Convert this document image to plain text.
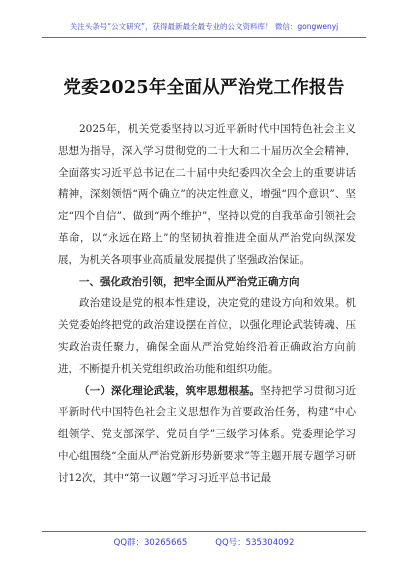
关注头条号“公文研究”，获得最新最全最专业的公文资料库！ 微信：gongwenyj
党委2025年全面从严治党工作报告

2025年，机关党委坚持以习近平新时代中国特色社会主义思想为指导，深入学习贯彻党的二十大和二十届历次全会精神，全面落实习近平总书记在二十届中央纪委四次全会上的重要讲话精神，深刻领悟“两个确立”的决定性意义，增强“四个意识”、坚定“四个自信”、做到“两个维护”，坚持以党的自我革命引领社会革命，以“永远在路上”的坚韧执着推进全面从严治党向纵深发展，为机关各项事业高质量发展提供了坚强政治保证。

一、强化政治引领，把牢全面从严治党正确方向

政治建设是党的根本性建设，决定党的建设方向和效果。机关党委始终把党的政治建设摆在首位，以强化理论武装铸魂、压实政治责任聚力，确保全面从严治党始终沿着正确政治方向前进，不断提升机关党组织政治功能和组织功能。

（一）深化理论武装，筑牢思想根基。坚持把学习贯彻习近平新时代中国特色社会主义思想作为首要政治任务，构建“中心组领学、党支部深学、党员自学”三级学习体系。党委理论学习中心组围绕“全面从严治党新形势新要求”等主题开展专题学习研讨12次，其中“第一议题”学习习近平总书记最

QQ群：30265665	QQ号：535304092
